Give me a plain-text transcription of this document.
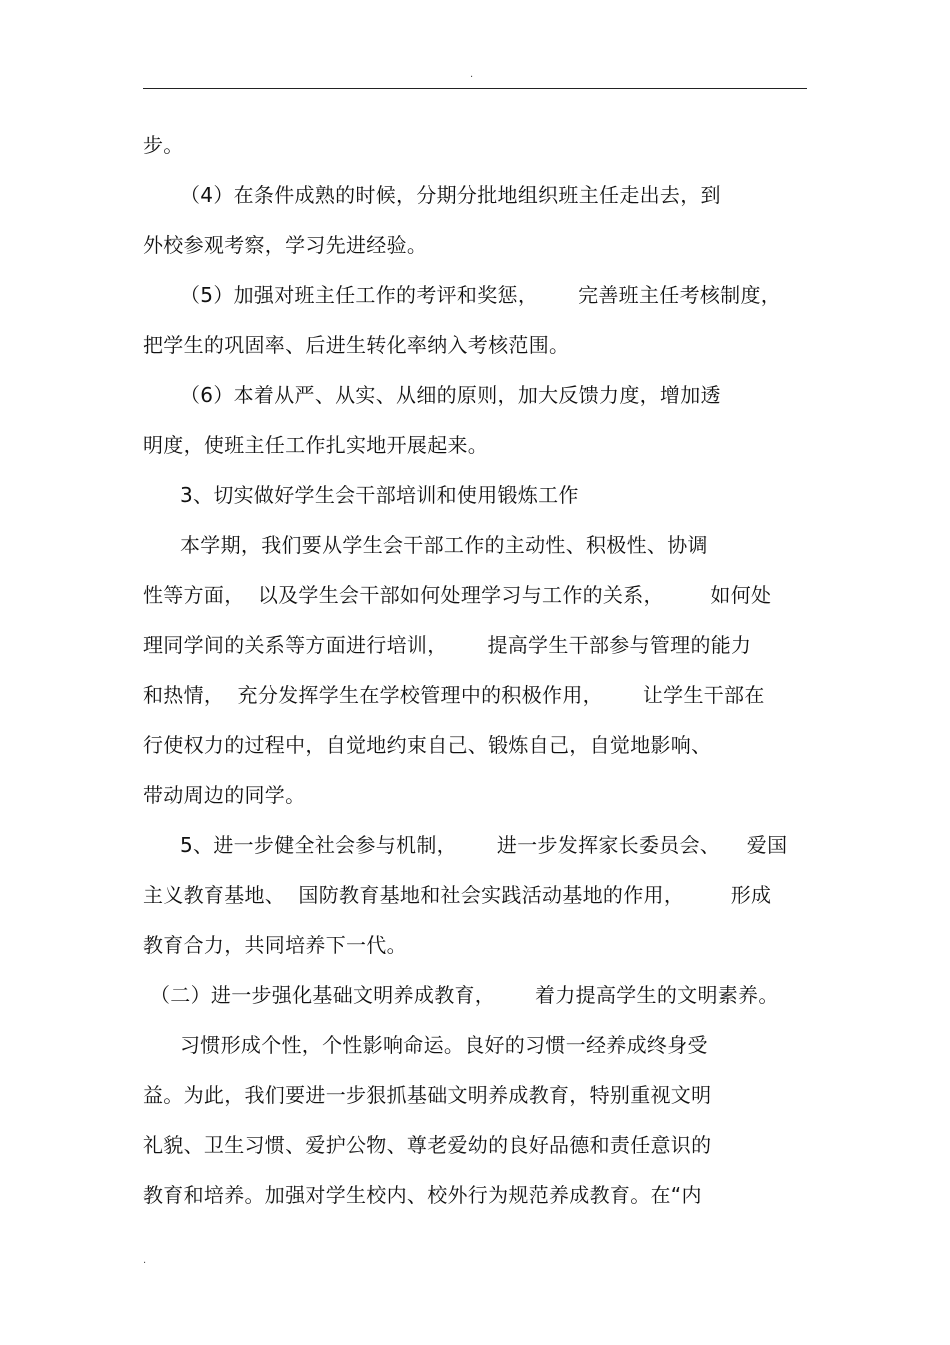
.
步。
（4）在条件成熟的时候，分期分批地组织班主任走出去，到
外校参观考察，学习先进经验。
（5）加强对班主任工作的考评和奖惩，      完善班主任考核制度，
把学生的巩固率、后进生转化率纳入考核范围。
（6）本着从严、从实、从细的原则，加大反馈力度，增加透
明度，使班主任工作扎实地开展起来。
3、切实做好学生会干部培训和使用锻炼工作
本学期，我们要从学生会干部工作的主动性、积极性、协调
性等方面，  以及学生会干部如何处理学习与工作的关系，       如何处
理同学间的关系等方面进行培训，      提高学生干部参与管理的能力
和热情，  充分发挥学生在学校管理中的积极作用，      让学生干部在
行使权力的过程中，自觉地约束自己、锻炼自己，自觉地影响、
带动周边的同学。
5、进一步健全社会参与机制，      进一步发挥家长委员会、    爱国
主义教育基地、  国防教育基地和社会实践活动基地的作用，       形成
教育合力，共同培养下一代。
（二）进一步强化基础文明养成教育，      着力提高学生的文明素养。
习惯形成个性，个性影响命运。良好的习惯一经养成终身受
益。为此，我们要进一步狠抓基础文明养成教育，特别重视文明
礼貌、卫生习惯、爱护公物、尊老爱幼的良好品德和责任意识的
教育和培养。加强对学生校内、校外行为规范养成教育。在“内
.
